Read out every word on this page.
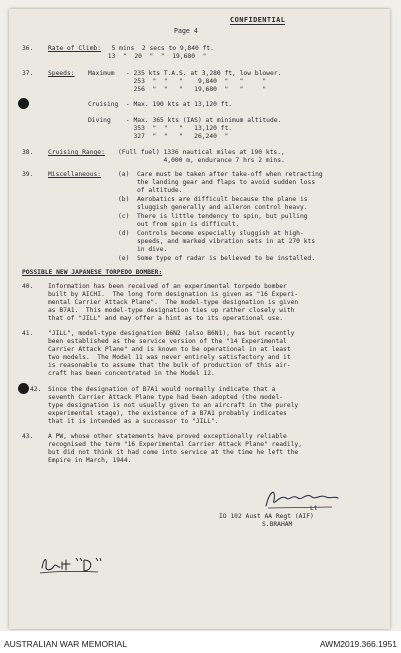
CONFIDENTIAL
Page 4
36. Rate of Climb: 5 mins  2 secs to 9,840 ft.
13  "  20  "  "  19,680  "
37. Speeds: Maximum   - 235 kts T.A.S. at 3,280 ft, low blower.
253  "  "   "    9,840  "   "     "
256  "  "   "   19,680  "   "     "
Cruising  - Max. 190 kts at 13,120 ft.
Diving    - Max. 365 kts (IAS) at minimum altitude.
353  "  "   "   13,120 ft.
327  "  "   "   26,240  "
38. Cruising Range: (Full fuel) 1336 nautical miles at 190 kts.,
4,000 m, endurance 7 hrs 2 mins.
39. Miscellaneous:	(a)  Care must be taken after take-off when retracting
the landing gear and flaps to avoid sudden loss
of altitude.
(b)  Aerobatics are difficult because the plane is
sluggish generally and aileron control heavy.
(c)  There is little tendency to spin, but pulling
out from spin is difficult.
(d)  Controls become especially sluggish at high-
speeds, and marked vibration sets in at 270 kts
in dive.
(e)  Some type of radar is believed to be installed.
POSSIBLE NEW JAPANESE TORPEDO BOMBER:
40. Information has been received of an experimental torpedo bomber
built by AICHI.  The long form designation is given as "16 Experi-
mental Carrier Attack Plane".  The model-type designation is given
as B7A1.  This model-type designation ties up rather closely with
that of "JILL" and may offer a hint as to its operational use.
41. "JILL", model-type designation B6N2 (also B6N1), has but recently
been established as the service version of the "14 Experimental
Carrier Attack Plane" and is known to be operational in at least
two models.  The Model 11 was never entirely satisfactory and it
is reasonable to assume that the bulk of production of this air-
craft has been concentrated in the Model 12.
42. Since the designation of B7A1 would normally indicate that a
seventh Carrier Attack Plane type had been adopted (the model-
type designation is not usually given to an aircraft in the purely
experimental stage), the existence of a B7A1 probably indicates
that it is intended as a successor to "JILL".
43. A PW, whose other statements have proved exceptionally reliable
recognised the term "16 Experimental Carrier Attack Plane" readily,
but did not think it had come into service at the time he left the
Empire in March, 1944.
Lt
IO 102 Aust AA Regt (AIF)
S.BRAHAM
AUSTRALIAN WAR MEMORIAL	AWM2019.366.1951
